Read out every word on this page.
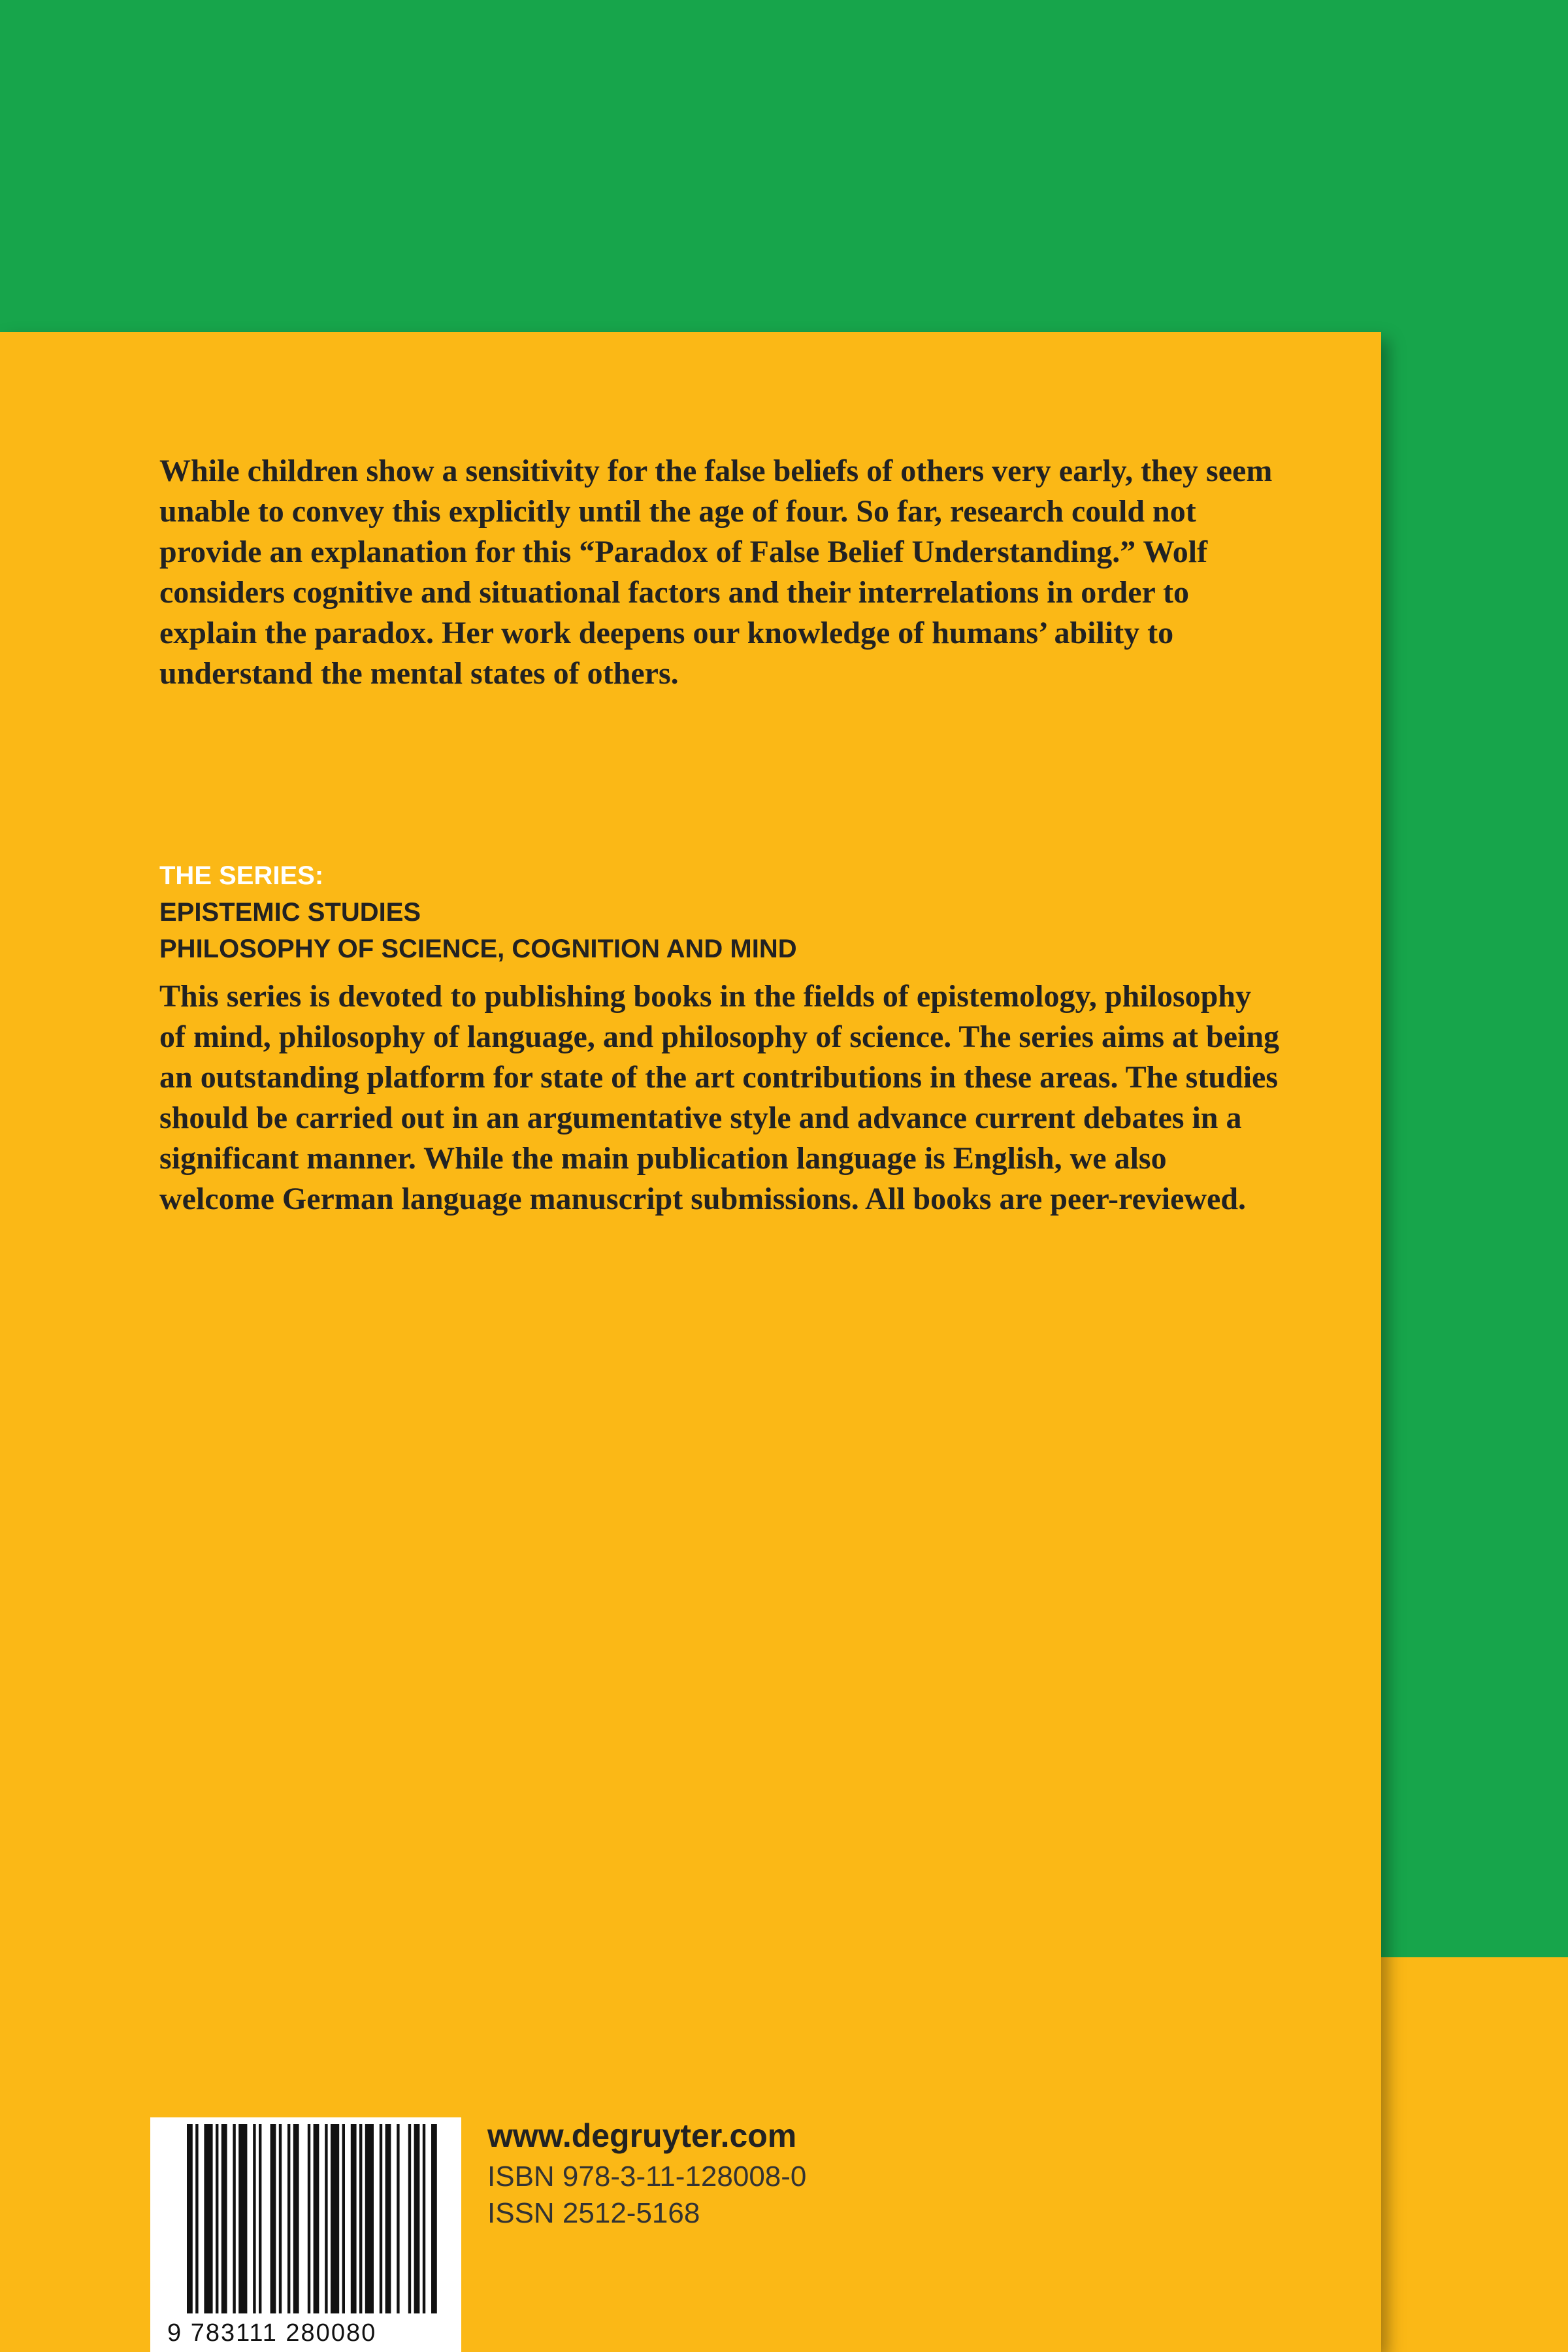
While children show a sensitivity for the false beliefs of others very early, they seem unable to convey this explicitly until the age of four. So far, research could not provide an explanation for this “Paradox of False Belief Understanding.” Wolf considers cognitive and situational factors and their interrelations in order to explain the paradox. Her work deepens our knowledge of humans’ ability to understand the mental states of others.

THE SERIES:

EPISTEMIC STUDIES

PHILOSOPHY OF SCIENCE, COGNITION AND MIND

This series is devoted to publishing books in the fields of epistemology, philosophy of mind, philosophy of language, and philosophy of science. The series aims at being an outstanding platform for state of the art contributions in these areas. The studies should be carried out in an argumentative style and advance current debates in a significant manner. While the main publication language is English, we also welcome German language manuscript submissions. All books are peer-reviewed.

9 783111 280080
www.degruyter.com
ISBN 978-3-11-128008-0
ISSN 2512-5168
